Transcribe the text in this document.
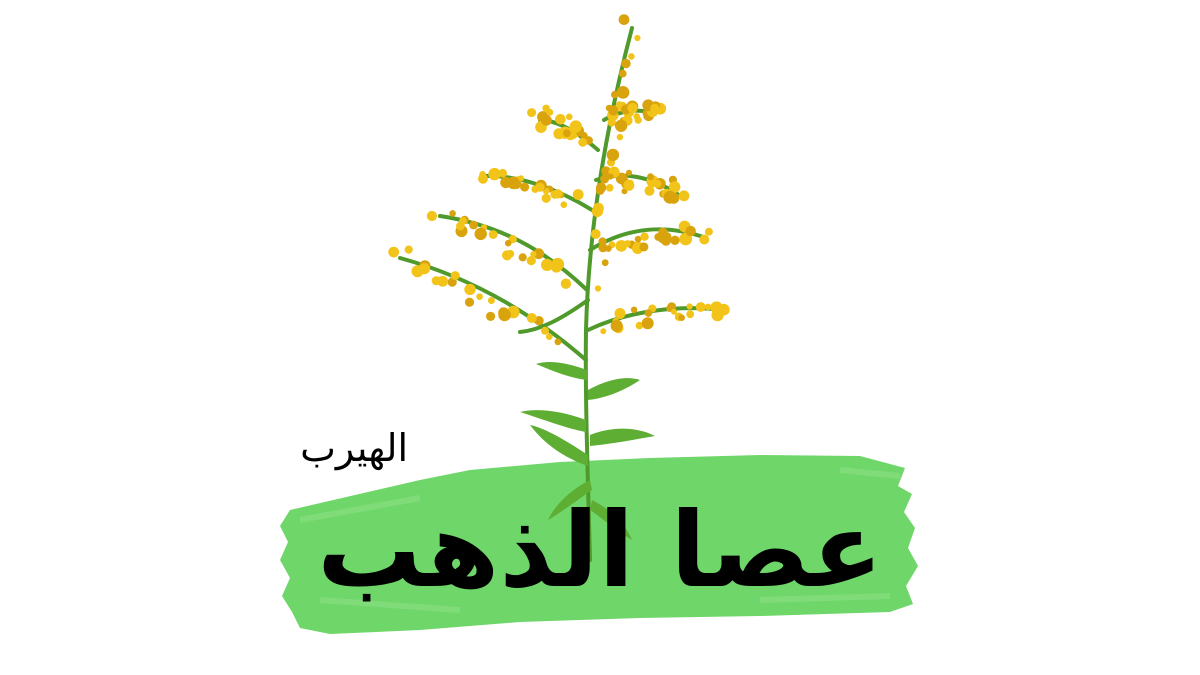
الهيرب
عصا الذهب
